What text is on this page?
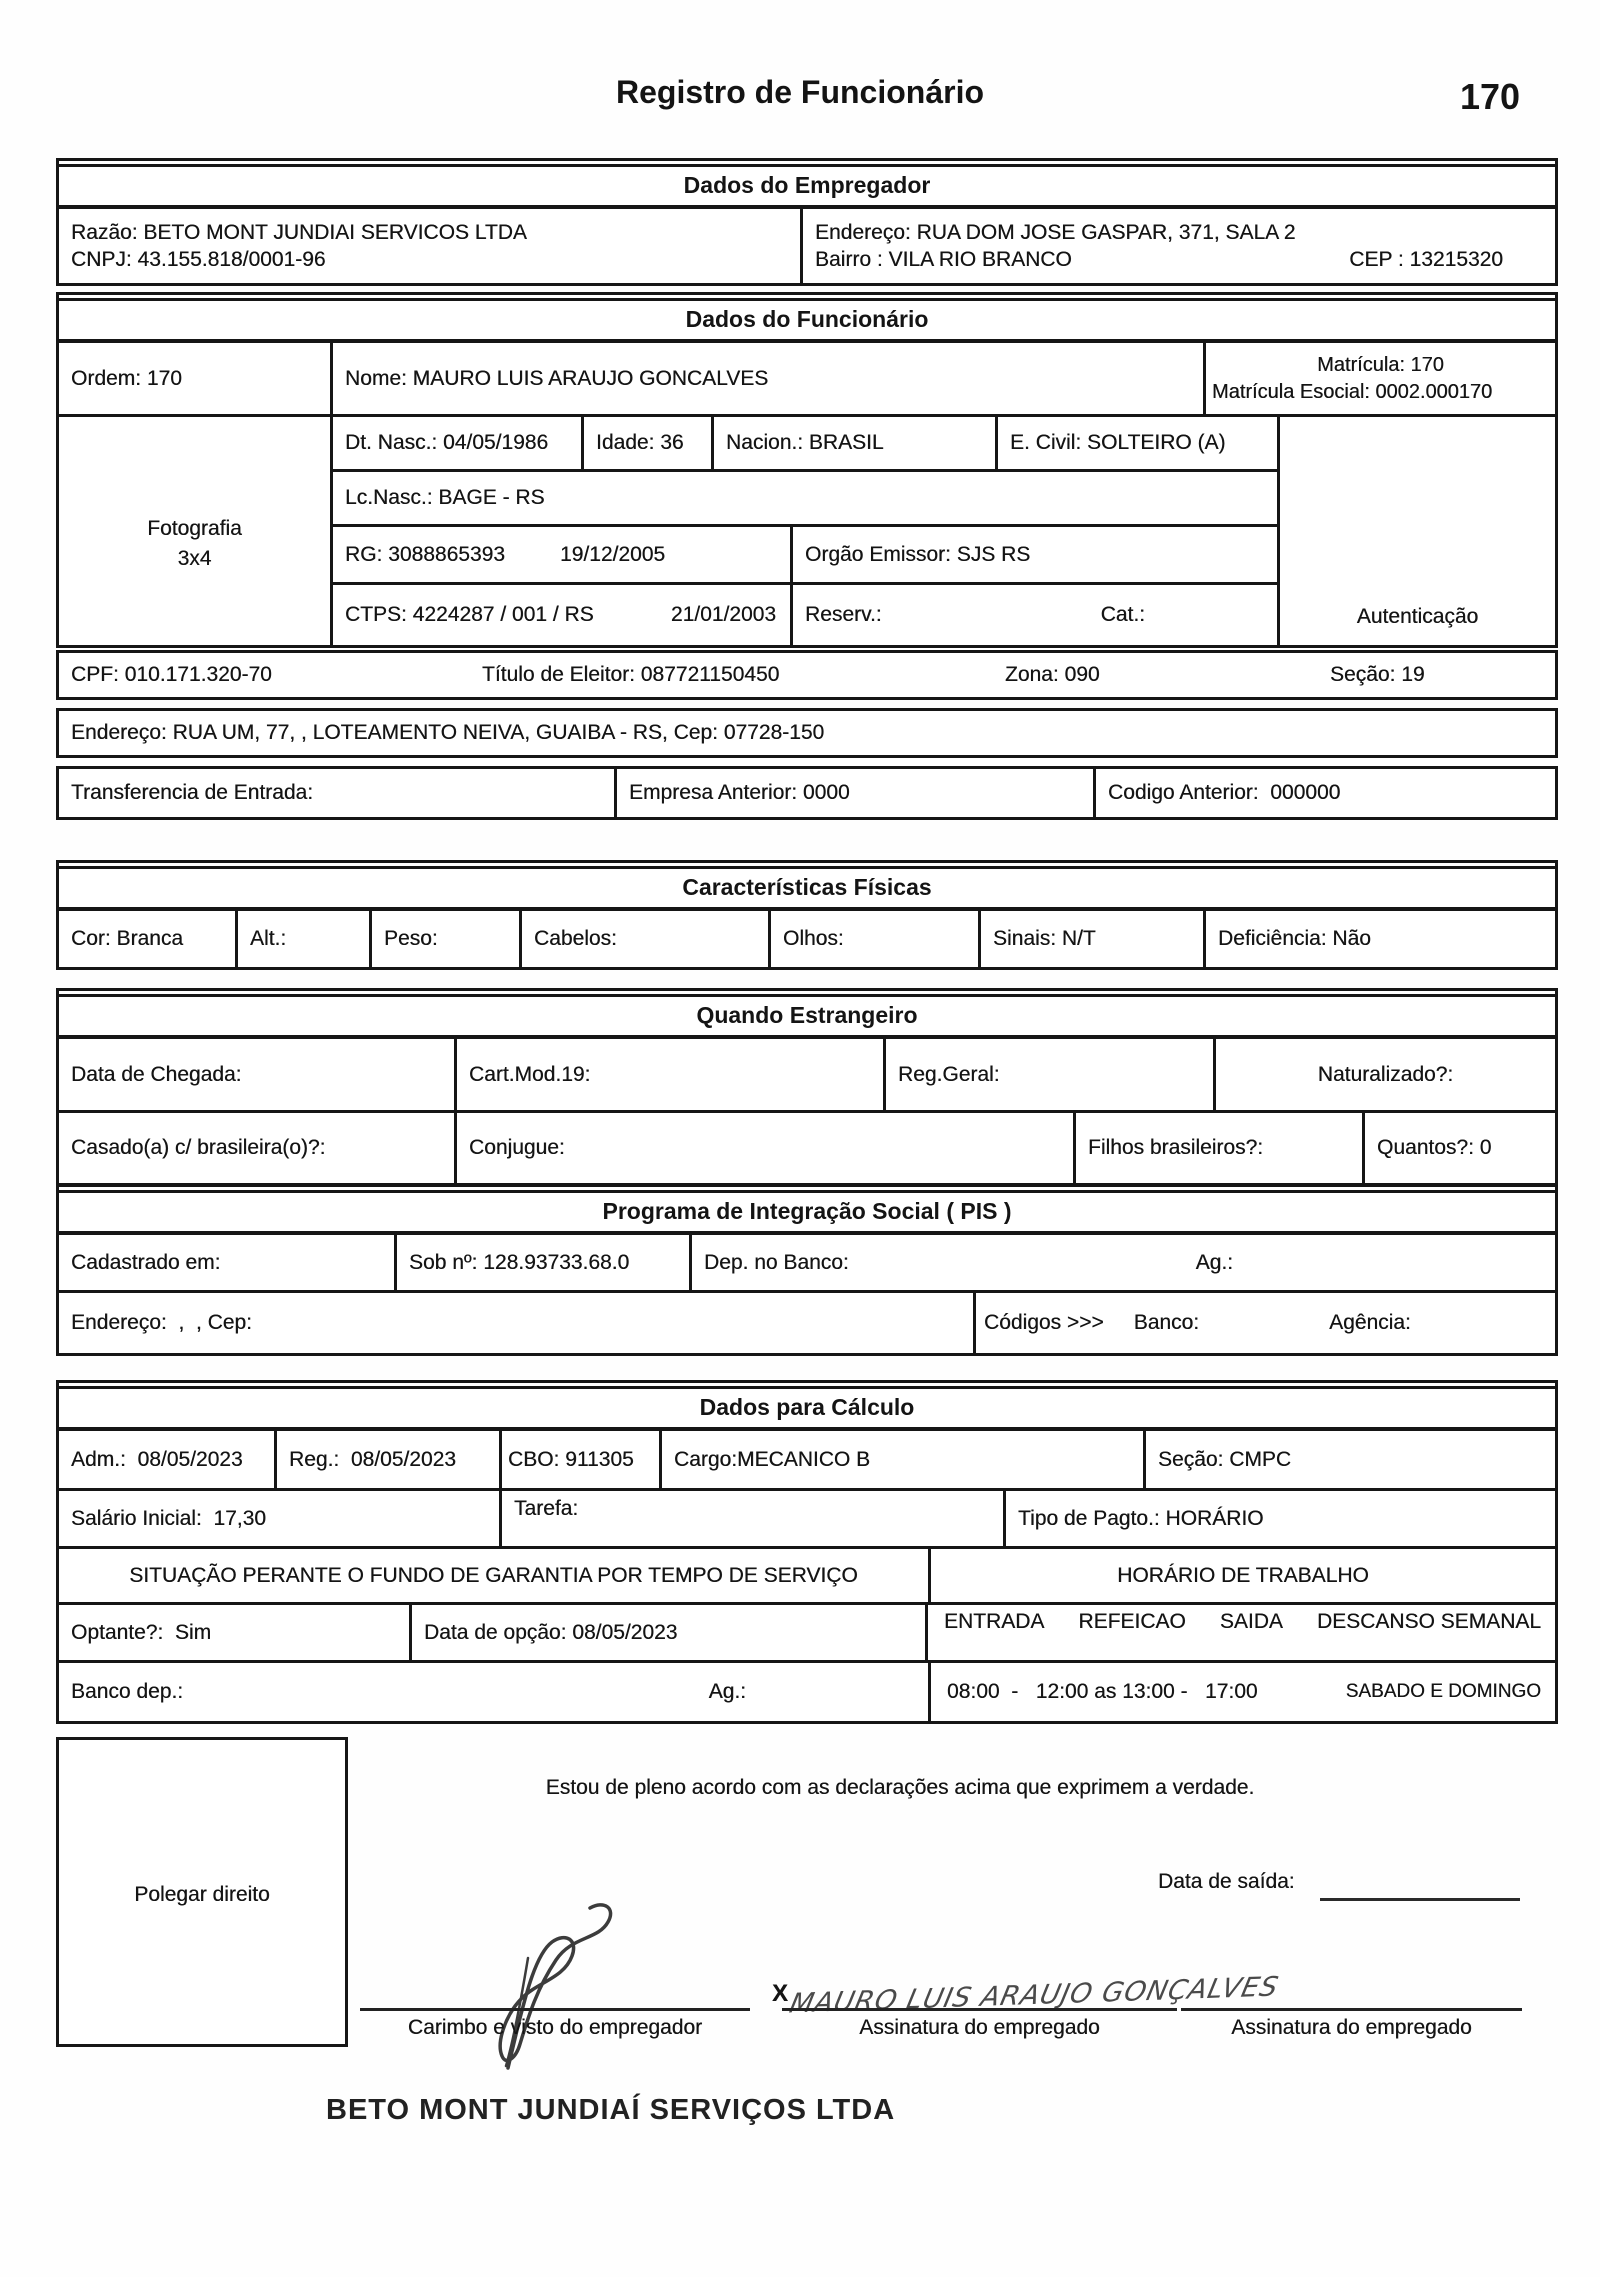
Registro de Funcionário	170
Dados do Empregador
Razão: BETO MONT JUNDIAI SERVICOS LTDA
CNPJ: 43.155.818/0001-96
Endereço: RUA DOM JOSE GASPAR, 371, SALA 2
Bairro : VILA RIO BRANCO	CEP : 13215320
Dados do Funcionário
Ordem: 170	Nome: MAURO LUIS ARAUJO GONCALVES
Matrícula: 170
Matrícula Esocial: 0002.000170
Fotografia
3x4
Dt. Nasc.: 04/05/1986 Idade: 36 Nacion.: BRASIL	E. Civil: SOLTEIRO (A)
Lc.Nasc.: BAGE - RS
RG: 3088865393	19/12/2005	Orgão Emissor: SJS RS
CTPS: 4224287 / 001 / RS	21/01/2003 Reserv.:	Cat.:	Autenticação
CPF: 010.171.320-70	Título de Eleitor: 087721150450	Zona: 090	Seção: 19
Endereço: RUA UM, 77, , LOTEAMENTO NEIVA, GUAIBA - RS, Cep: 07728-150
Transferencia de Entrada:	Empresa Anterior: 0000	Codigo Anterior:  000000
Características Físicas
Cor: Branca	Alt.:	Peso:	Cabelos:	Olhos:	Sinais: N/T	Deficiência: Não
Quando Estrangeiro
Data de Chegada:	Cart.Mod.19:	Reg.Geral:	Naturalizado?:
Casado(a) c/ brasileira(o)?:	Conjugue:	Filhos brasileiros?:	Quantos?: 0
Programa de Integração Social ( PIS )
Cadastrado em:	Sob nº: 128.93733.68.0	Dep. no Banco:	Ag.:
Endereço:  ,  , Cep:	Códigos >>> Banco:	Agência:
Dados para Cálculo
Adm.:  08/05/2023 Reg.:  08/05/2023 CBO: 911305 Cargo:MECANICO B	Seção: CMPC
Salário Inicial:  17,30	Tarefa:	Tipo de Pagto.: HORÁRIO
SITUAÇÃO PERANTE O FUNDO DE GARANTIA POR TEMPO DE SERVIÇO	HORÁRIO DE TRABALHO
Optante?:  Sim	Data de opção: 08/05/2023	ENTRADA REFEICAO SAIDA DESCANSO SEMANAL
Banco dep.:	Ag.:	08:00  -   12:00 as 13:00 -   17:00	SABADO E DOMINGO
Polegar direito
Estou de pleno acordo com as declarações acima que exprimem a verdade.
Data de saída:
X MAURO LUIS ARAUJO GONÇALVES
Carimbo e visto do empregador	Assinatura do empregado	Assinatura do empregado
BETO MONT JUNDIAÍ SERVIÇOS LTDA
